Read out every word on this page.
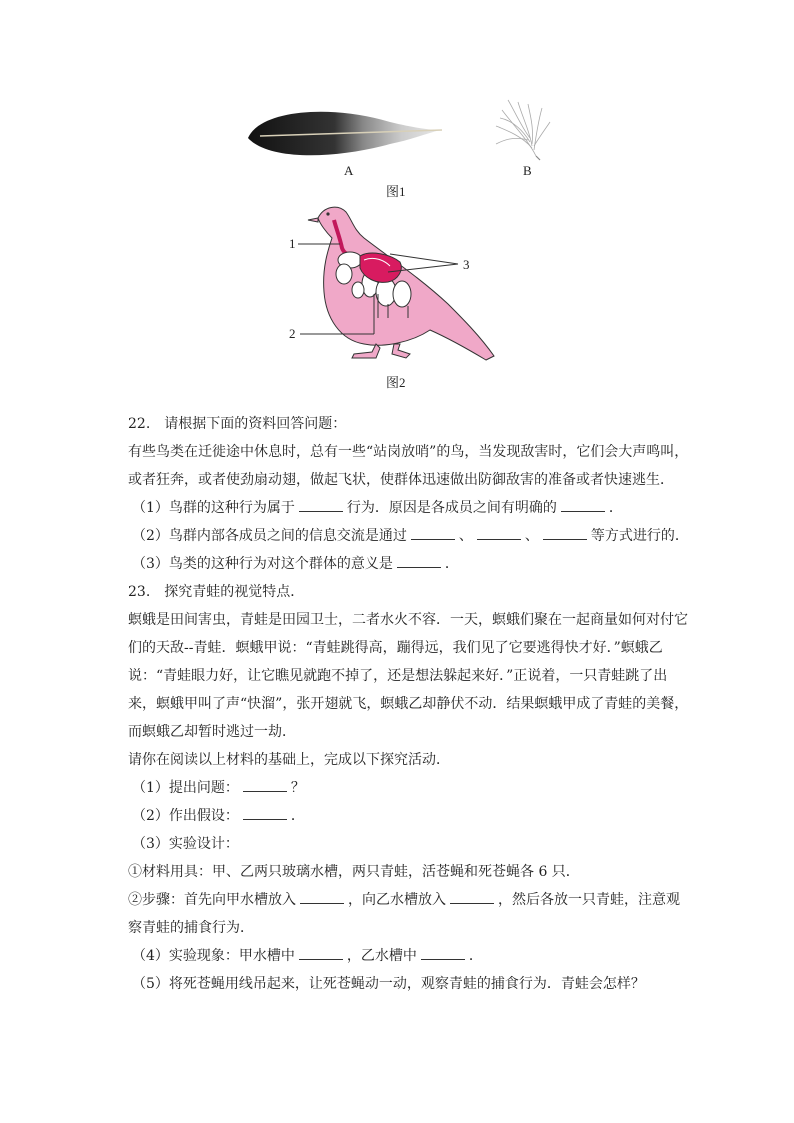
A	B
图1
1
2
3
图2
22.　请根据下面的资料回答问题：
有些鸟类在迁徙途中休息时，总有一些“站岗放哨”的鸟，当发现敌害时，它们会大声鸣叫，
或者狂奔，或者使劲扇动翅，做起飞状，使群体迅速做出防御敌害的准备或者快速逃生．
（1）鸟群的这种行为属于	行为．原因是各成员之间有明确的	．
（2）鸟群内部各成员之间的信息交流是通过	、	、	等方式进行的．
（3）鸟类的这种行为对这个群体的意义是	．
23.　探究青蛙的视觉特点．
螟蛾是田间害虫，青蛙是田园卫士，二者水火不容．一天，螟蛾们聚在一起商量如何对付它
们的天敌--青蛙．螟蛾甲说：“青蛙跳得高，蹦得远，我们见了它要逃得快才好．”螟蛾乙
说：“青蛙眼力好，让它瞧见就跑不掉了，还是想法躲起来好．”正说着，一只青蛙跳了出
来，螟蛾甲叫了声“快溜”，张开翅就飞，螟蛾乙却静伏不动．结果螟蛾甲成了青蛙的美餐，
而螟蛾乙却暂时逃过一劫．
请你在阅读以上材料的基础上，完成以下探究活动．
（1）提出问题：	？
（2）作出假设：	．
（3）实验设计：
①材料用具：甲、乙两只玻璃水槽，两只青蛙，活苍蝇和死苍蝇各 6 只．
②步骤：首先向甲水槽放入	，向乙水槽放入	，然后各放一只青蛙，注意观
察青蛙的捕食行为．
（4）实验现象：甲水槽中	，乙水槽中	．
（5）将死苍蝇用线吊起来，让死苍蝇动一动，观察青蛙的捕食行为．青蛙会怎样？
